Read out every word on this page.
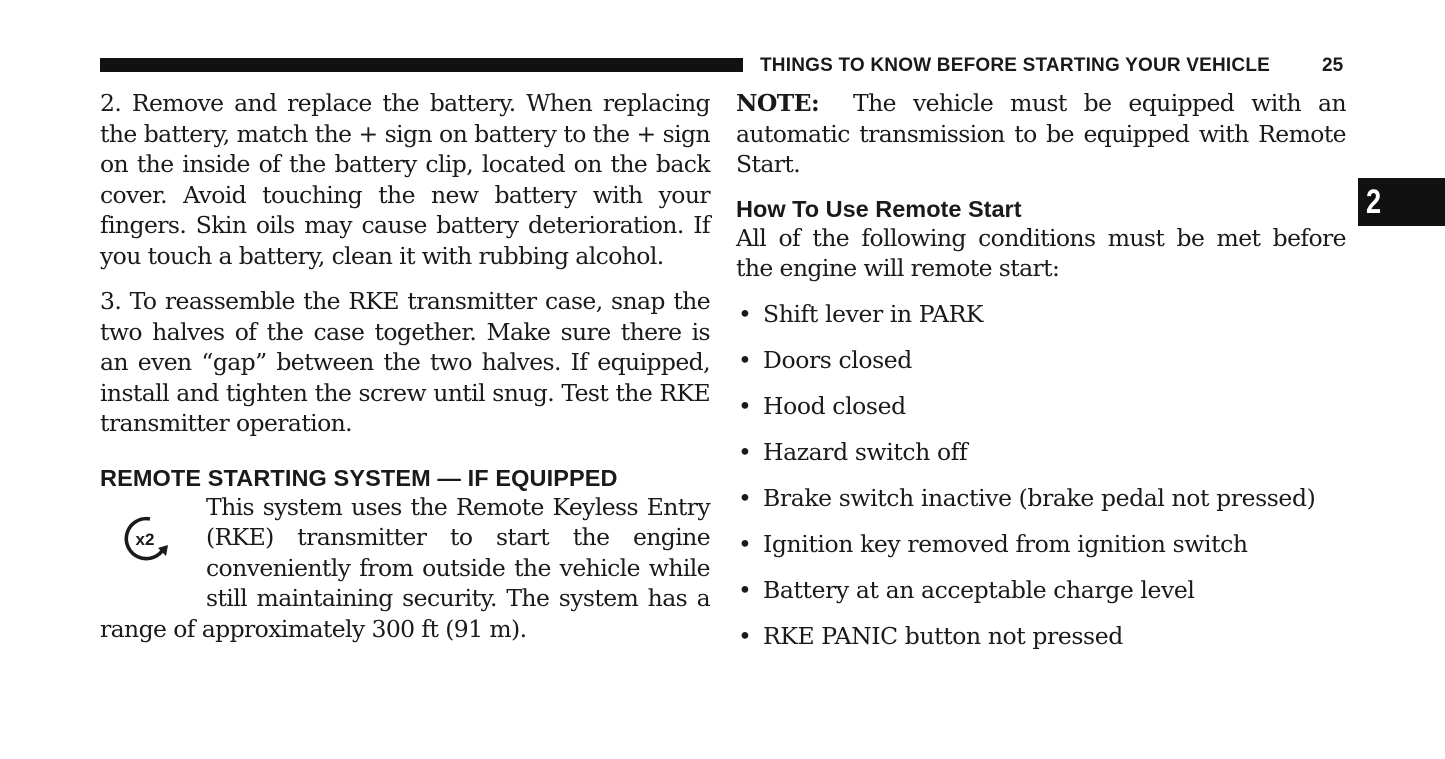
THINGS TO KNOW BEFORE STARTING YOUR VEHICLE	25
2

2. Remove and replace the battery. When replacing the battery, match the + sign on battery to the + sign on the inside of the battery clip, located on the back cover. Avoid touching the new battery with your fingers. Skin oils may cause battery deterioration. If you touch a battery, clean it with rubbing alcohol.

3. To reassemble the RKE transmitter case, snap the two halves of the case together. Make sure there is an even “gap” between the two halves. If equipped, install and tighten the screw until snug. Test the RKE transmitter operation.

REMOTE STARTING SYSTEM — IF EQUIPPED
x2

This system uses the Remote Keyless Entry (RKE) transmitter to start the engine conveniently from outside the vehicle while still maintaining security. The system has a range of approximately 300 ft (91 m).

NOTE: The vehicle must be equipped with an automatic transmission to be equipped with Remote Start.

How To Use Remote Start

All of the following conditions must be met before the engine will remote start:

• Shift lever in PARK
• Doors closed
• Hood closed
• Hazard switch off
• Brake switch inactive (brake pedal not pressed)
• Ignition key removed from ignition switch
• Battery at an acceptable charge level
• RKE PANIC button not pressed
